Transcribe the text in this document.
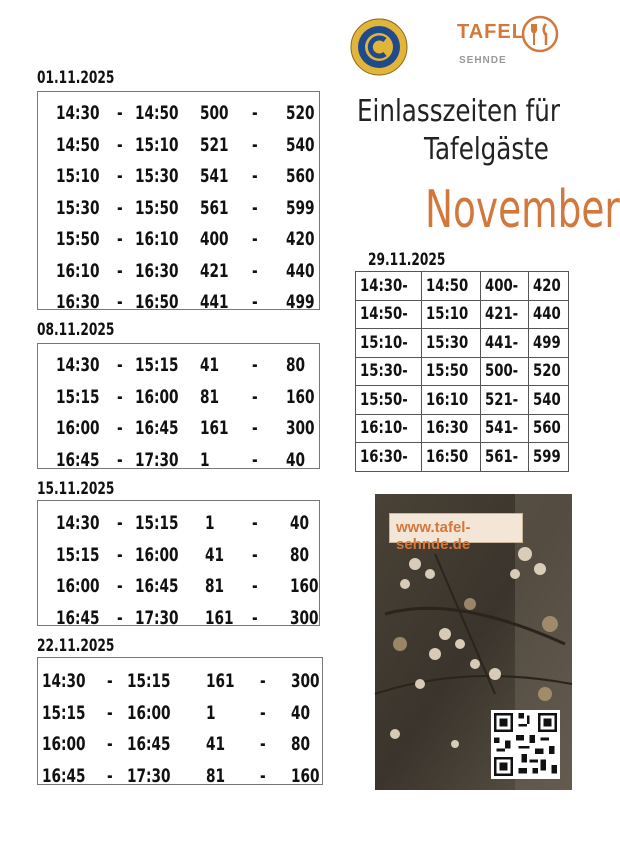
TAFEL
SEHNDE
Einlasszeiten für
Tafelgäste
November
01.11.2025
14:30 - 14:50 500 - 520
14:50 - 15:10 521 - 540
15:10 - 15:30 541 - 560
15:30 - 15:50 561 - 599
15:50 - 16:10 400 - 420
16:10 - 16:30 421 - 440
16:30 - 16:50 441 - 499
08.11.2025
14:30 - 15:15 41 - 80
15:15 - 16:00 81 - 160
16:00 - 16:45 161 - 300
16:45 - 17:30 1 - 40
15.11.2025
14:30 - 15:15 1 - 40
15:15 - 16:00 41 - 80
16:00 - 16:45 81 - 160
16:45 - 17:30 161 - 300
22.11.2025
14:30 - 15:15 161 - 300
15:15 - 16:00 1 - 40
16:00 - 16:45 41 - 80
16:45 - 17:30 81 - 160
29.11.2025
14:30-	14:50	400-	420
14:50-	15:10	421-	440
15:10-	15:30	441-	499
15:30-	15:50	500-	520
15:50-	16:10	521-	540
16:10-	16:30	541-	560
16:30-	16:50	561-	599
www.tafel-sehnde.de
